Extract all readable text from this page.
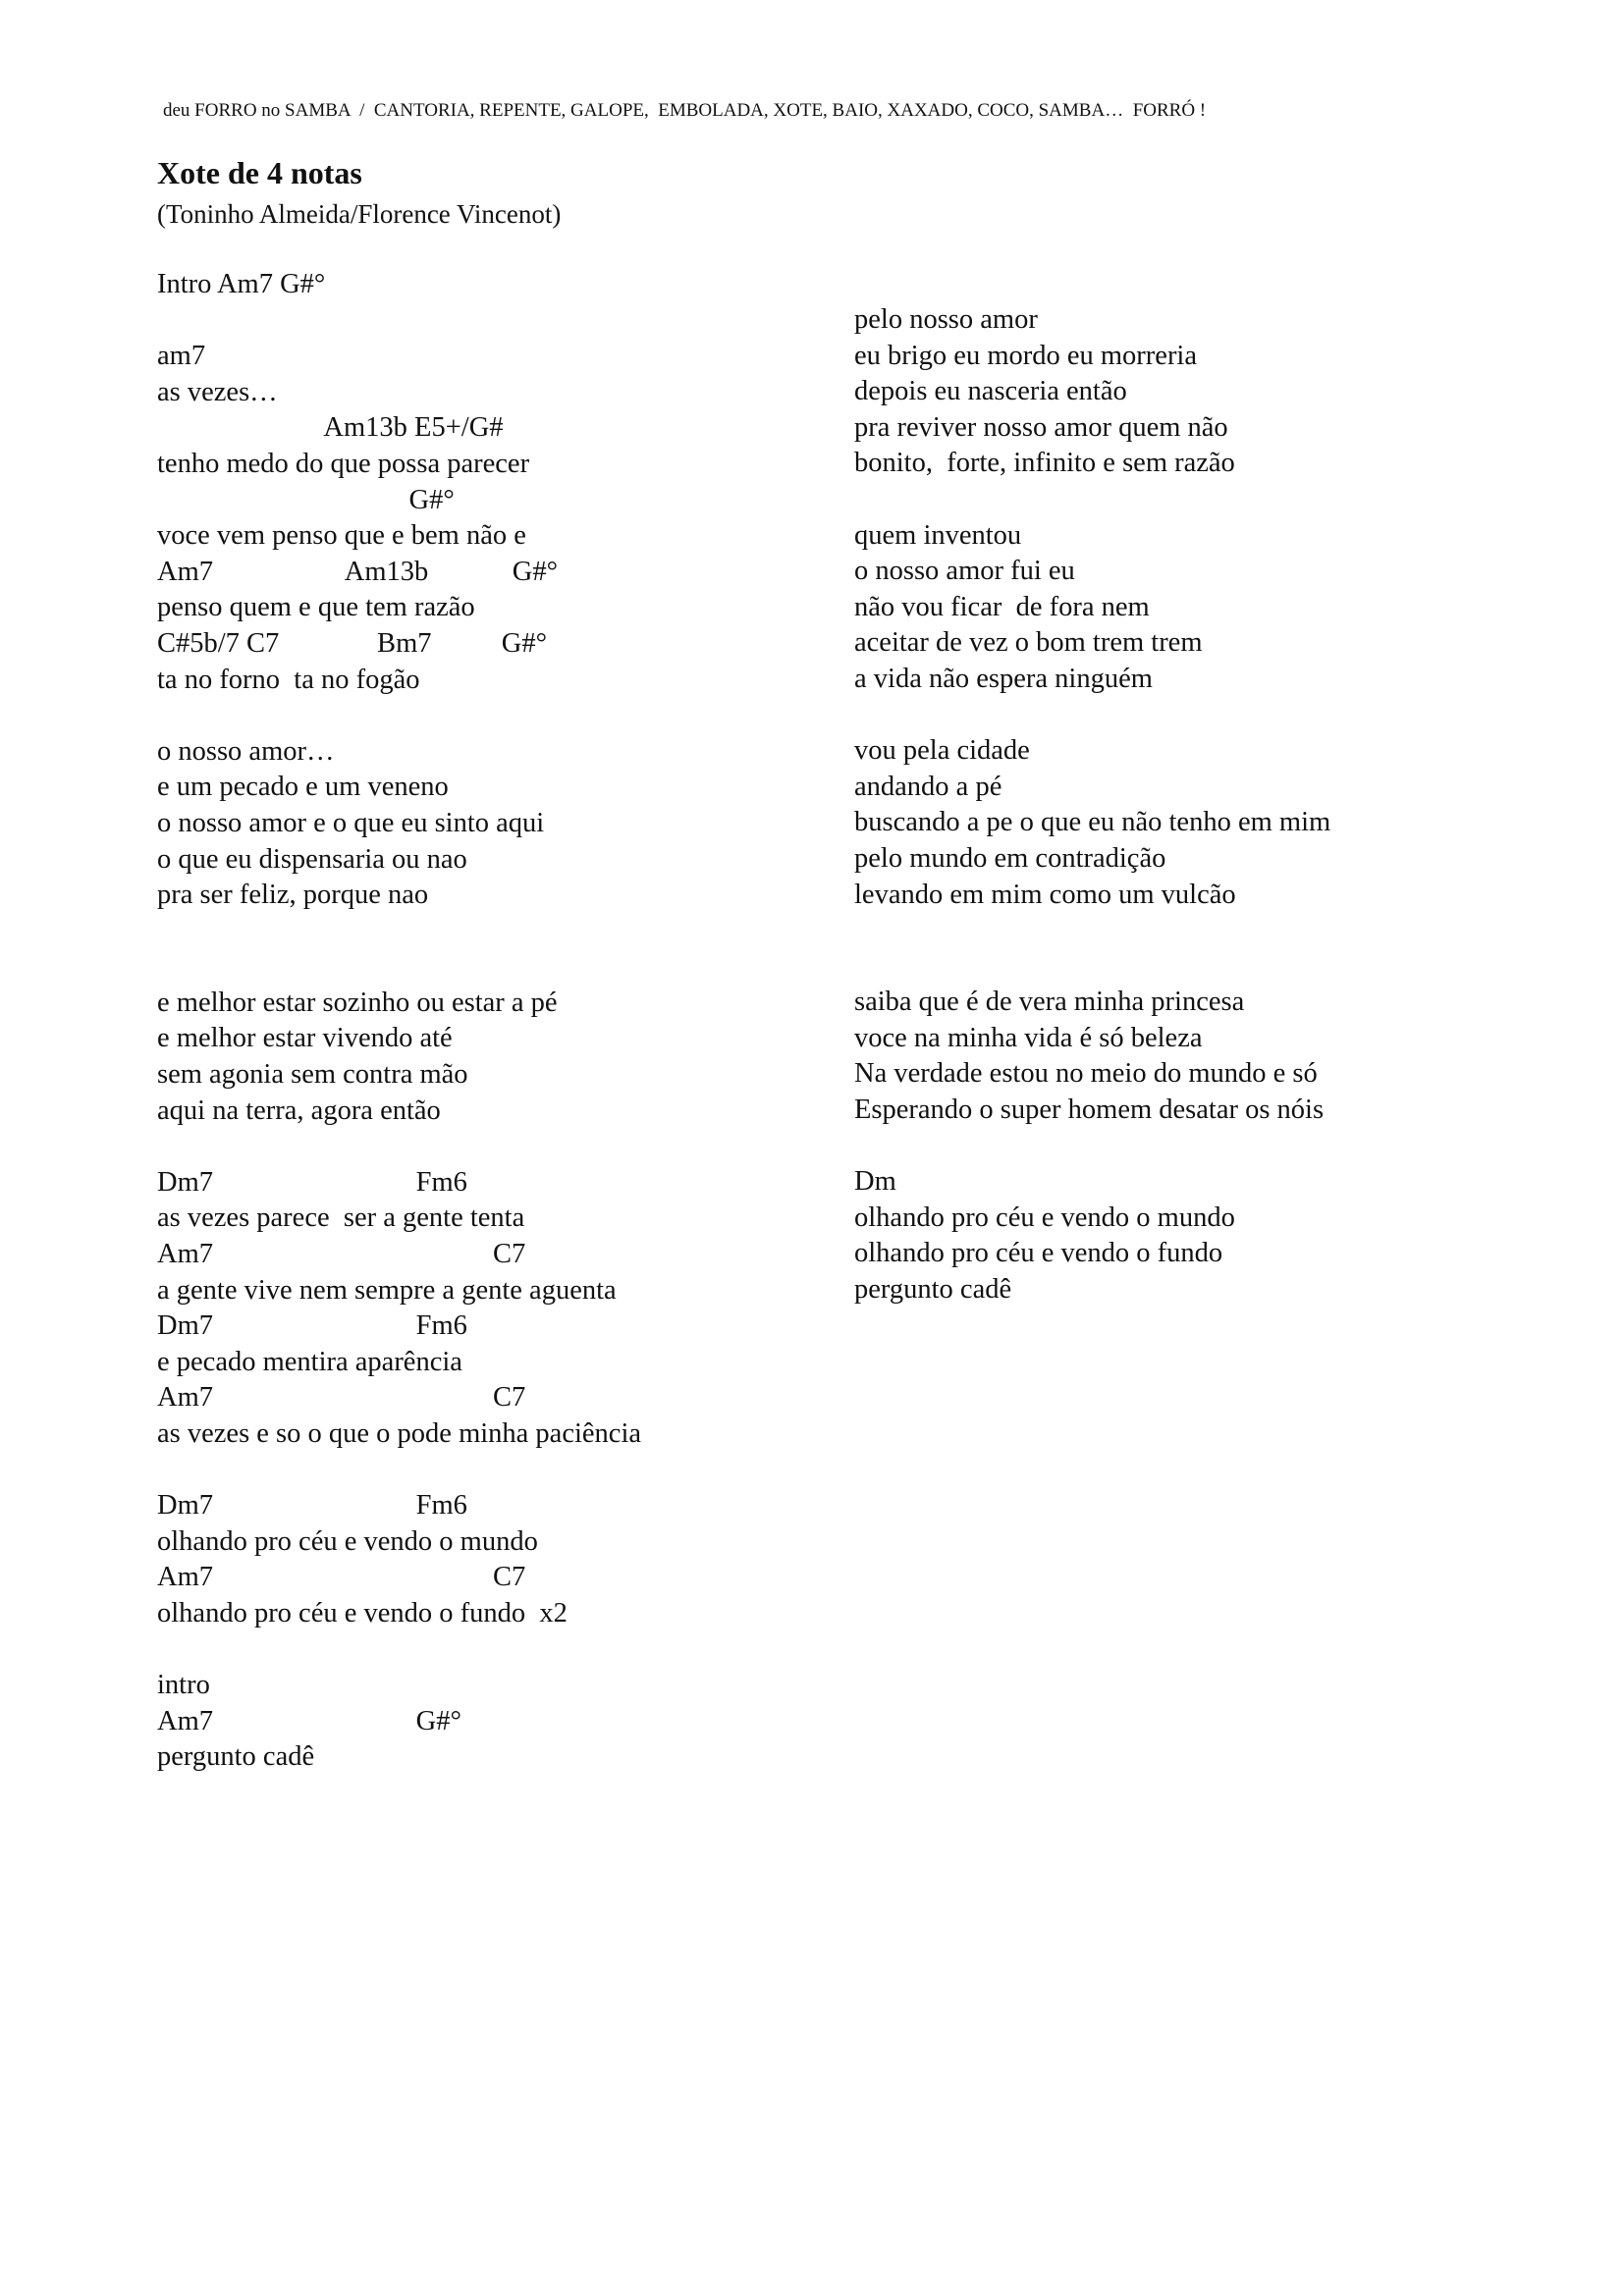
deu FORRO no SAMBA  /  CANTORIA, REPENTE, GALOPE,  EMBOLADA, XOTE, BAIO, XAXADO, COCO, SAMBA…  FORRÓ !
Xote de 4 notas
(Toninho Almeida/Florence Vincenot)
Intro Am7 G#°
am7
as vezes…
Am13b E5+/G#
tenho medo do que possa parecer
G#°
voce vem penso que e bem não e
Am7                   Am13b            G#°
penso quem e que tem razão
C#5b/7 C7              Bm7          G#°
ta no forno  ta no fogão
o nosso amor…
e um pecado e um veneno
o nosso amor e o que eu sinto aqui
o que eu dispensaria ou nao
pra ser feliz, porque nao
e melhor estar sozinho ou estar a pé
e melhor estar vivendo até
sem agonia sem contra mão
aqui na terra, agora então
Dm7                             Fm6
as vezes parece  ser a gente tenta
Am7                                        C7
a gente vive nem sempre a gente aguenta
Dm7                             Fm6
e pecado mentira aparência
Am7                                        C7
as vezes e so o que o pode minha paciência
Dm7                             Fm6
olhando pro céu e vendo o mundo
Am7                                        C7
olhando pro céu e vendo o fundo  x2
intro
Am7                             G#°
pergunto cadê
pelo nosso amor
eu brigo eu mordo eu morreria
depois eu nasceria então
pra reviver nosso amor quem não
bonito,  forte, infinito e sem razão
quem inventou
o nosso amor fui eu
não vou ficar  de fora nem
aceitar de vez o bom trem trem
a vida não espera ninguém
vou pela cidade
andando a pé
buscando a pe o que eu não tenho em mim
pelo mundo em contradição
levando em mim como um vulcão
saiba que é de vera minha princesa
voce na minha vida é só beleza
Na verdade estou no meio do mundo e só
Esperando o super homem desatar os nóis
Dm
olhando pro céu e vendo o mundo
olhando pro céu e vendo o fundo
pergunto cadê
